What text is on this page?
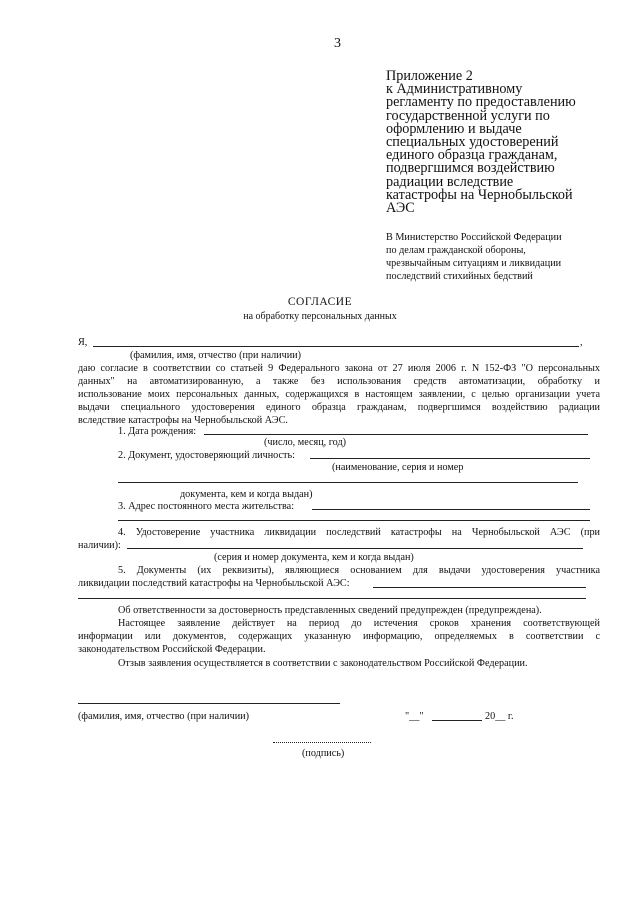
3
Приложение 2
к Административному
регламенту по предоставлению
государственной услуги по
оформлению и выдаче
специальных удостоверений
единого образца гражданам,
подвергшимся воздействию
радиации вследствие
катастрофы на Чернобыльской
АЭС
В Министерство Российской Федерации
по делам гражданской обороны,
чрезвычайным ситуациям и ликвидации
последствий стихийных бедствий
СОГЛАСИЕ
на обработку персональных данных
Я,	,
(фамилия, имя, отчество (при наличии)
даю согласие в соответствии со статьей 9 Федерального закона от 27 июля 2006 г. N 152-ФЗ "О персональных
данных" на автоматизированную, а также без использования средств автоматизации, обработку и
использование моих персональных данных, содержащихся в настоящем заявлении, с целью организации учета
выдачи специального удостоверения единого образца гражданам, подвергшимся воздействию радиации
вследствие катастрофы на Чернобыльской АЭС.
1. Дата рождения:
(число, месяц, год)
2. Документ, удостоверяющий личность:
(наименование, серия и номер
документа, кем и когда выдан)
3. Адрес постоянного места жительства:
4. Удостоверение участника ликвидации последствий катастрофы на Чернобыльской АЭС (при
наличии):
(серия и номер документа, кем и когда выдан)
5. Документы (их реквизиты), являющиеся основанием для выдачи удостоверения участника
ликвидации последствий катастрофы на Чернобыльской АЭС:
Об ответственности за достоверность представленных сведений предупрежден (предупреждена).
Настоящее заявление действует на период до истечения сроков хранения соответствующей
информации или документов, содержащих указанную информацию, определяемых в соответствии с
законодательством Российской Федерации.
Отзыв заявления осуществляется в соответствии с законодательством Российской Федерации.
(фамилия, имя, отчество (при наличии)	"__"	20__ г.
(подпись)
